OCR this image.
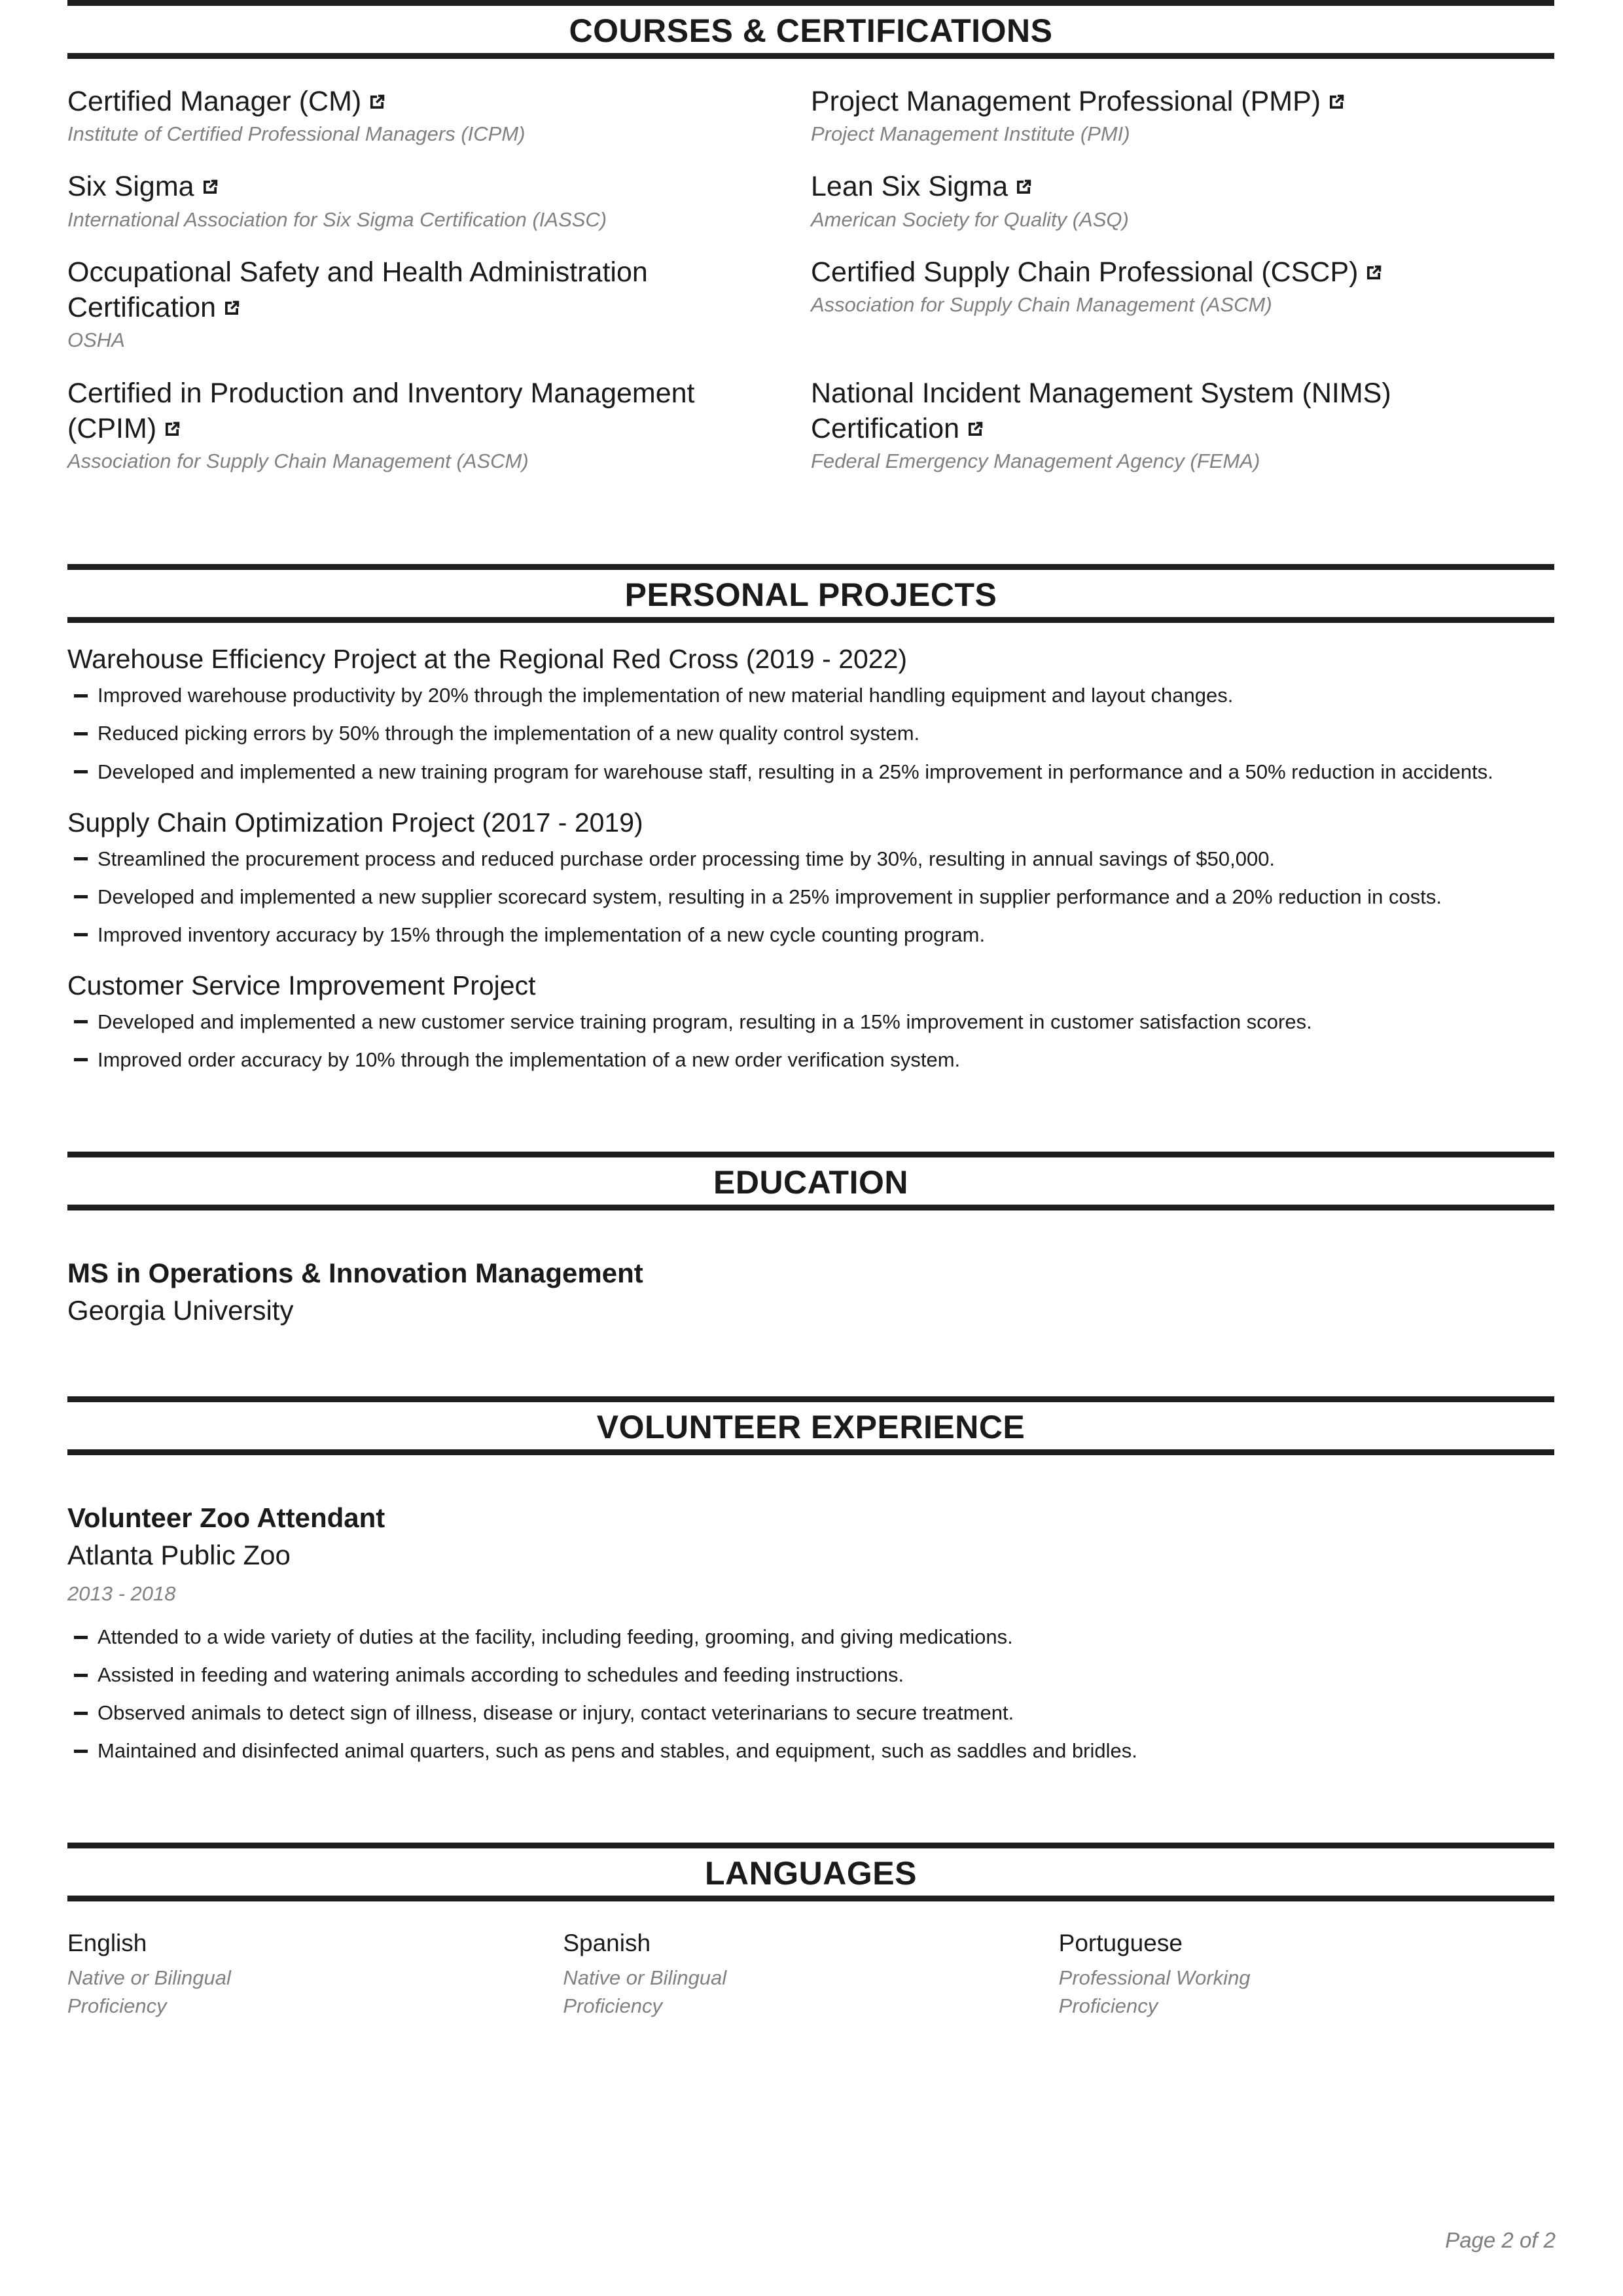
COURSES & CERTIFICATIONS
Certified Manager (CM)
Institute of Certified Professional Managers (ICPM)
Project Management Professional (PMP)
Project Management Institute (PMI)
Six Sigma
International Association for Six Sigma Certification (IASSC)
Lean Six Sigma
American Society for Quality (ASQ)
Occupational Safety and Health Administration Certification
OSHA
Certified Supply Chain Professional (CSCP)
Association for Supply Chain Management (ASCM)
Certified in Production and Inventory Management (CPIM)
Association for Supply Chain Management (ASCM)
National Incident Management System (NIMS) Certification
Federal Emergency Management Agency (FEMA)
PERSONAL PROJECTS
Warehouse Efficiency Project at the Regional Red Cross (2019 - 2022)
Improved warehouse productivity by 20% through the implementation of new material handling equipment and layout changes.
Reduced picking errors by 50% through the implementation of a new quality control system.
Developed and implemented a new training program for warehouse staff, resulting in a 25% improvement in performance and a 50% reduction in accidents.
Supply Chain Optimization Project (2017 - 2019)
Streamlined the procurement process and reduced purchase order processing time by 30%, resulting in annual savings of $50,000.
Developed and implemented a new supplier scorecard system, resulting in a 25% improvement in supplier performance and a 20% reduction in costs.
Improved inventory accuracy by 15% through the implementation of a new cycle counting program.
Customer Service Improvement Project
Developed and implemented a new customer service training program, resulting in a 15% improvement in customer satisfaction scores.
Improved order accuracy by 10% through the implementation of a new order verification system.
EDUCATION
MS in Operations & Innovation Management
Georgia University
VOLUNTEER EXPERIENCE
Volunteer Zoo Attendant
Atlanta Public Zoo
2013 - 2018
Attended to a wide variety of duties at the facility, including feeding, grooming, and giving medications.
Assisted in feeding and watering animals according to schedules and feeding instructions.
Observed animals to detect sign of illness, disease or injury, contact veterinarians to secure treatment.
Maintained and disinfected animal quarters, such as pens and stables, and equipment, such as saddles and bridles.
LANGUAGES
English
Native or Bilingual Proficiency
Spanish
Native or Bilingual Proficiency
Portuguese
Professional Working Proficiency
Page 2 of 2
